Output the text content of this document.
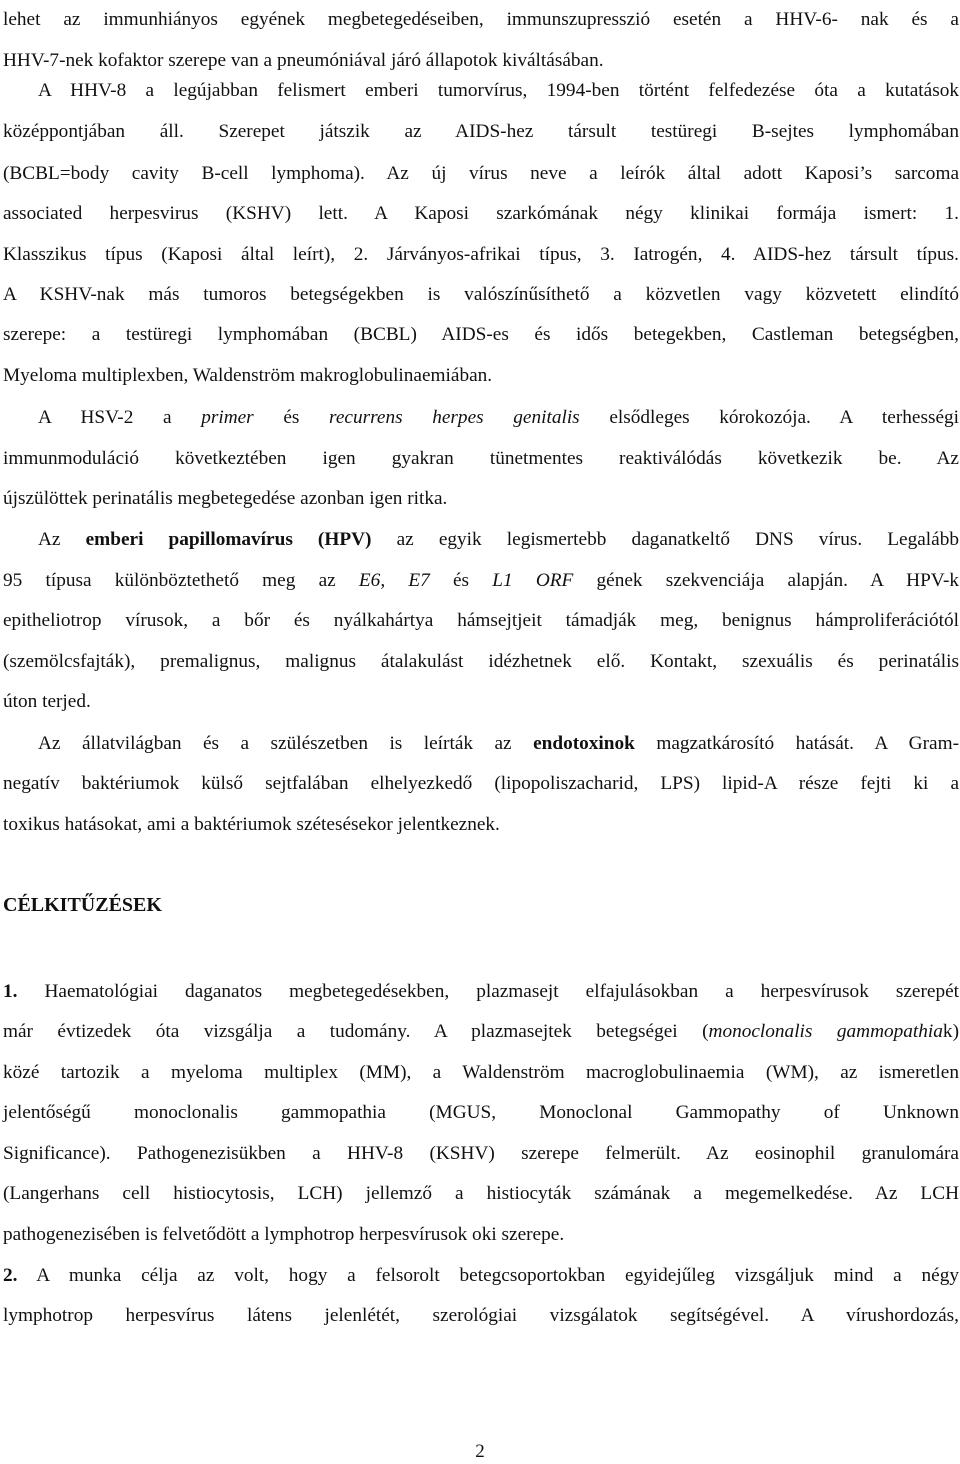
lehet az immunhiányos egyének megbetegedéseiben, immunszupresszió esetén a HHV-6- nak és a
HHV-7-nek kofaktor szerepe van a pneumóniával járó állapotok kiváltásában.
A HHV-8 a legújabban felismert emberi tumorvírus, 1994-ben történt felfedezése óta a kutatások
középpontjában áll. Szerepet játszik az AIDS-hez társult testüregi B-sejtes lymphomában
(BCBL=body cavity B-cell lymphoma). Az új vírus neve a leírók által adott Kaposi’s sarcoma
associated herpesvirus (KSHV) lett. A Kaposi szarkómának négy klinikai formája ismert: 1.
Klasszikus típus (Kaposi által leírt), 2. Járványos-afrikai típus, 3. Iatrogén, 4. AIDS-hez társult típus.
A KSHV-nak más tumoros betegségekben is valószínűsíthető a közvetlen vagy közvetett elindító
szerepe: a testüregi lymphomában (BCBL) AIDS-es és idős betegekben, Castleman betegségben,
Myeloma multiplexben, Waldenström makroglobulinaemiában.
A HSV-2 a primer és recurrens herpes genitalis elsődleges kórokozója. A terhességi
immunmoduláció következtében igen gyakran tünetmentes reaktiválódás következik be. Az
újszülöttek perinatális megbetegedése azonban igen ritka.
Az emberi papillomavírus (HPV) az egyik legismertebb daganatkeltő DNS vírus. Legalább
95 típusa különböztethető meg az E6, E7 és L1 ORF gének szekvenciája alapján. A HPV-k
epitheliotrop vírusok, a bőr és nyálkahártya hámsejtjeit támadják meg, benignus hámproliferációtól
(szemölcsfajták), premalignus, malignus átalakulást idézhetnek elő. Kontakt, szexuális és perinatális
úton terjed.
Az állatvilágban és a szülészetben is leírták az endotoxinok magzatkárosító hatását. A Gram-
negatív baktériumok külső sejtfalában elhelyezkedő (lipopoliszacharid, LPS) lipid-A része fejti ki a
toxikus hatásokat, ami a baktériumok szétesésekor jelentkeznek.
CÉLKITŰZÉSEK
1. Haematológiai daganatos megbetegedésekben, plazmasejt elfajulásokban a herpesvírusok szerepét
már évtizedek óta vizsgálja a tudomány. A plazmasejtek betegségei (monoclonalis gammopathiak)
közé tartozik a myeloma multiplex (MM), a Waldenström macroglobulinaemia (WM), az ismeretlen
jelentőségű monoclonalis gammopathia (MGUS, Monoclonal Gammopathy of Unknown
Significance). Pathogenezisükben a HHV-8 (KSHV) szerepe felmerült. Az eosinophil granulomára
(Langerhans cell histiocytosis, LCH) jellemző a histiocyták számának a megemelkedése. Az LCH
pathogenezisében is felvetődött a lymphotrop herpesvírusok oki szerepe.
2. A munka célja az volt, hogy a felsorolt betegcsoportokban egyidejűleg vizsgáljuk mind a négy
lymphotrop herpesvírus látens jelenlétét, szerológiai vizsgálatok segítségével. A vírushordozás,
2
